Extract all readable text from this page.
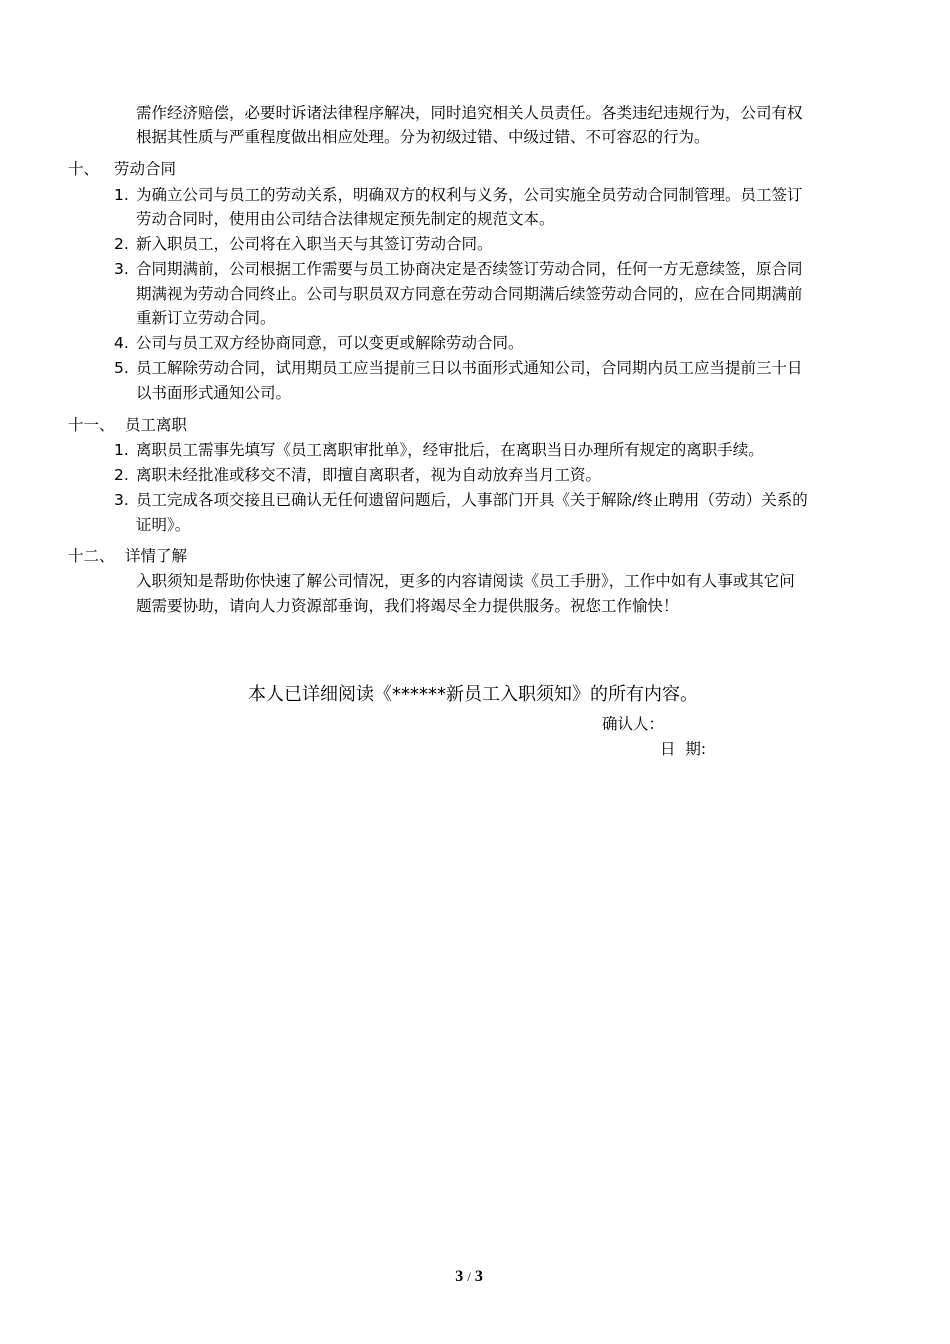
需作经济赔偿，必要时诉诸法律程序解决，同时追究相关人员责任。各类违纪违规行为，公司有权
根据其性质与严重程度做出相应处理。分为初级过错、中级过错、不可容忍的行为。
十、 劳动合同
1. 为确立公司与员工的劳动关系，明确双方的权利与义务，公司实施全员劳动合同制管理。员工签订
劳动合同时，使用由公司结合法律规定预先制定的规范文本。
2. 新入职员工，公司将在入职当天与其签订劳动合同。
3. 合同期满前，公司根据工作需要与员工协商决定是否续签订劳动合同，任何一方无意续签，原合同
期满视为劳动合同终止。公司与职员双方同意在劳动合同期满后续签劳动合同的，应在合同期满前
重新订立劳动合同。
4. 公司与员工双方经协商同意，可以变更或解除劳动合同。
5. 员工解除劳动合同，试用期员工应当提前三日以书面形式通知公司，合同期内员工应当提前三十日
以书面形式通知公司。
十一、 员工离职
1. 离职员工需事先填写《员工离职审批单》，经审批后，在离职当日办理所有规定的离职手续。
2. 离职未经批准或移交不清，即擅自离职者，视为自动放弃当月工资。
3. 员工完成各项交接且已确认无任何遗留问题后，人事部门开具《关于解除/终止聘用（劳动）关系的
证明》。
十二、 详情了解
入职须知是帮助你快速了解公司情况，更多的内容请阅读《员工手册》，工作中如有人事或其它问
题需要协助，请向人力资源部垂询，我们将竭尽全力提供服务。祝您工作愉快！
本人已详细阅读《******新员工入职须知》的所有内容。
确认人：
日  期:
3 / 3
